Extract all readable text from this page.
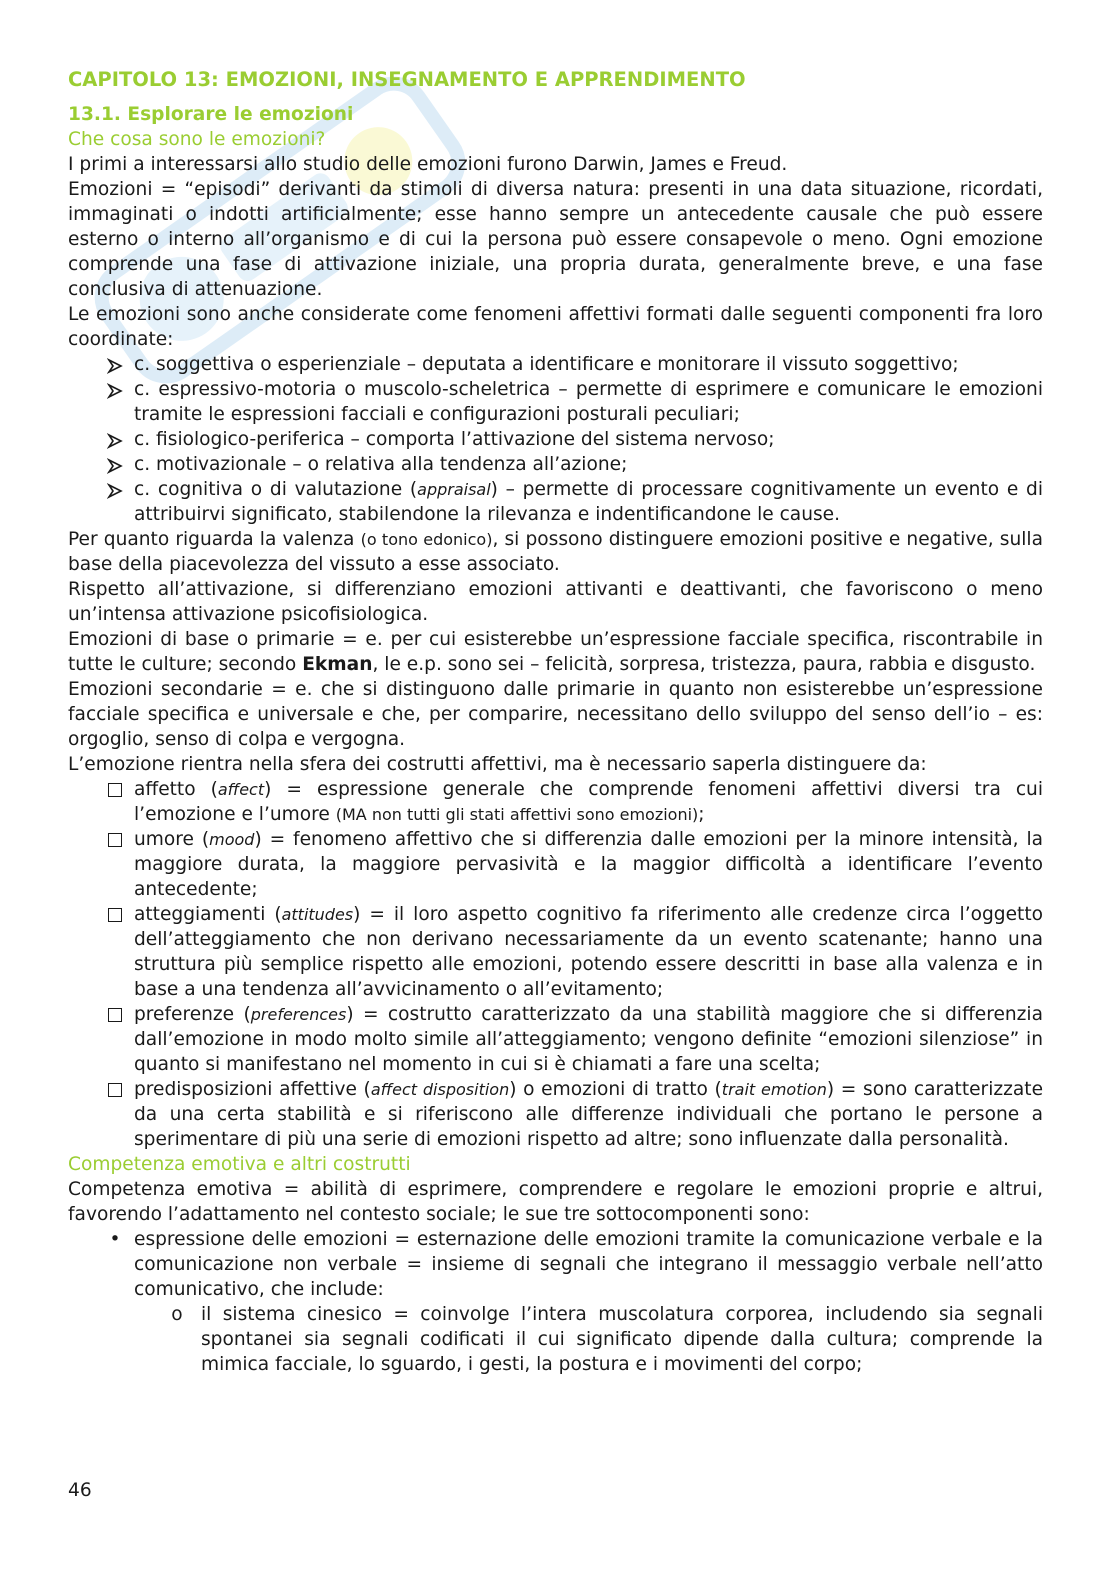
CAPITOLO 13: EMOZIONI, INSEGNAMENTO E APPRENDIMENTO
13.1. Esplorare le emozioni
Che cosa sono le emozioni?

I primi a interessarsi allo studio delle emozioni furono Darwin, James e Freud.

Emozioni = “episodi” derivanti da stimoli di diversa natura: presenti in una data situazione, ricordati, immaginati o indotti artificialmente; esse hanno sempre un antecedente causale che può essere esterno o interno all’organismo e di cui la persona può essere consapevole o meno. Ogni emozione comprende una fase di attivazione iniziale, una propria durata, generalmente breve, e una fase conclusiva di attenuazione.

Le emozioni sono anche considerate come fenomeni affettivi formati dalle seguenti componenti fra loro coordinate:

c. soggettiva o esperienziale – deputata a identificare e monitorare il vissuto soggettivo;
c. espressivo-motoria o muscolo-scheletrica – permette di esprimere e comunicare le emozioni tramite le espressioni facciali e configurazioni posturali peculiari;
c. fisiologico-periferica – comporta l’attivazione del sistema nervoso;
c. motivazionale – o relativa alla tendenza all’azione;
c. cognitiva o di valutazione (appraisal) – permette di processare cognitivamente un evento e di attribuirvi significato, stabilendone la rilevanza e indentificandone le cause.

Per quanto riguarda la valenza (o tono edonico), si possono distinguere emozioni positive e negative, sulla base della piacevolezza del vissuto a esse associato.

Rispetto all’attivazione, si differenziano emozioni attivanti e deattivanti, che favoriscono o meno un’intensa attivazione psicofisiologica.

Emozioni di base o primarie = e. per cui esisterebbe un’espressione facciale specifica, riscontrabile in tutte le culture; secondo Ekman, le e.p. sono sei – felicità, sorpresa, tristezza, paura, rabbia e disgusto.

Emozioni secondarie = e. che si distinguono dalle primarie in quanto non esisterebbe un’espressione facciale specifica e universale e che, per comparire, necessitano dello sviluppo del senso dell’io – es: orgoglio, senso di colpa e vergogna.

L’emozione rientra nella sfera dei costrutti affettivi, ma è necessario saperla distinguere da:

affetto (affect) = espressione generale che comprende fenomeni affettivi diversi tra cui l’emozione e l’umore (MA non tutti gli stati affettivi sono emozioni);
umore (mood) = fenomeno affettivo che si differenzia dalle emozioni per la minore intensità, la maggiore durata, la maggiore pervasività e la maggior difficoltà a identificare l’evento antecedente;
atteggiamenti (attitudes) = il loro aspetto cognitivo fa riferimento alle credenze circa l’oggetto dell’atteggiamento che non derivano necessariamente da un evento scatenante; hanno una struttura più semplice rispetto alle emozioni, potendo essere descritti in base alla valenza e in base a una tendenza all’avvicinamento o all’evitamento;
preferenze (preferences) = costrutto caratterizzato da una stabilità maggiore che si differenzia dall’emozione in modo molto simile all’atteggiamento; vengono definite “emozioni silenziose” in quanto si manifestano nel momento in cui si è chiamati a fare una scelta;
predisposizioni affettive (affect disposition) o emozioni di tratto (trait emotion) = sono caratterizzate da una certa stabilità e si riferiscono alle differenze individuali che portano le persone a sperimentare di più una serie di emozioni rispetto ad altre; sono influenzate dalla personalità.
Competenza emotiva e altri costrutti

Competenza emotiva = abilità di esprimere, comprendere e regolare le emozioni proprie e altrui, favorendo l’adattamento nel contesto sociale; le sue tre sottocomponenti sono:

• espressione delle emozioni = esternazione delle emozioni tramite la comunicazione verbale e la comunicazione non verbale = insieme di segnali che integrano il messaggio verbale nell’atto comunicativo, che include:
o il sistema cinesico = coinvolge l’intera muscolatura corporea, includendo sia segnali spontanei sia segnali codificati il cui significato dipende dalla cultura; comprende la mimica facciale, lo sguardo, i gesti, la postura e i movimenti del corpo;
46
